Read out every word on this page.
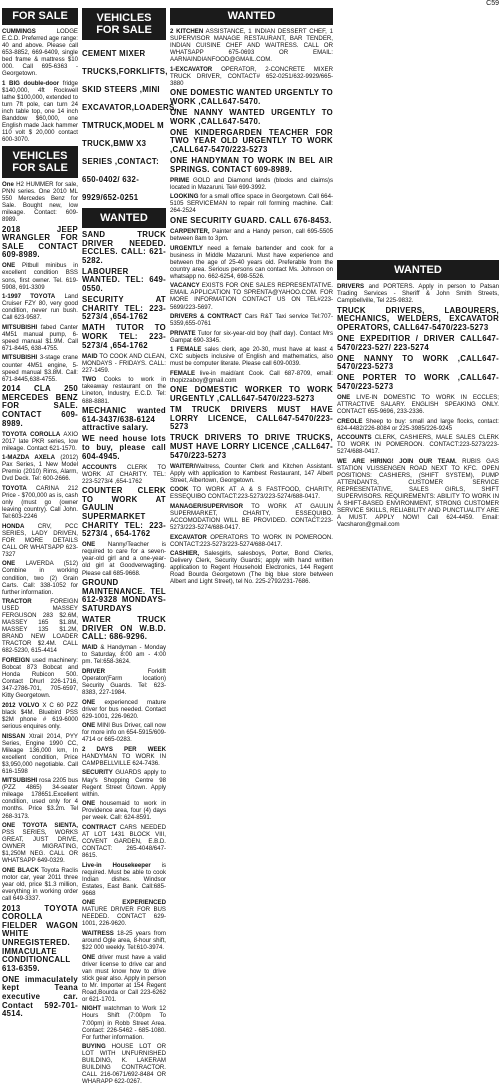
C59
FOR SALE

CUMMINGS LODGE E.C.D. Preferred age range: 40 and above. Please call 653-8852, 669-6409, single bed frame & mattress $10 000. Call 695-6363 - Georgetown.

1 BIG double-door fridge $140,000, 4ft Rockwell lathe $100,000, extended to turn 7ft pole, can turn 24 inch table top, one 14 inch Banddow $60,000, one English made Jack hammer 110 volt $ 20,000 contact 600-3070.

VEHICLES FOR SALE

One H2 HUMMER for sale, PNN series. One 2010 ML 550 Mercedes Benz for Sale. Bought new, low mileage. Contact: 609-8989.

2018 JEEP WRANGLER FOR SALE CONTACT 609-8989.

ONE Pitbull minibus in excellent condition BSS sons, first owner. Tel. 619-5908, 691-3309

1-1997 TOYOTA Land Cruiser FZY 80, very good condition, never run bush. Call 623-9587.

MITSUBISHI fabed Canter 4M51 manual pump, 6-speed manual $1.9M. Call 671-8445, 638-4755.

MITSUBISHI 3-stage crane counter 4M51 engine, 5-speed manual $3.8M. Call: 671-8445,638-4755.

2014 CLA 250 MERCEDES BENZ FOR SALE. CONTACT 609-8989.

TOYOTA COROLLA AXIO 2017 late PKR series, low mileage. Contact 621-1570.

1-MAZDA AXELA (2012) Pax Series, 1 New Model Premio (2010) Rims, Alarm, Dvd Deck. Tel: 600-2666.

TOYOTA CARINA 212 Price - $700,000 as is, cash only (must go (owner leaving country). Call John. Tel:603-2246

HONDA CRV, PCC SERIES, LADY DRIVEN, FOR MORE DETAILS CALL OR WHATSAPP 623-7327

ONE LAVERDA (512) Combine in working condition, two (2) Grain Carts. Call: 338-1052 for further information.

TRACTOR FOREIGN USED MASSEY FERGUSON 283 $2.6M, MASSEY 165 $1.8M, MASSEY 135 $1.2M, BRAND NEW LOADER TRACTOR $2.4M. CALL 682-5230, 615-4414

FOREIGN used machinery: Bobcat 873 Bobcat and Honda Rubicon 500. Contact Dhurl 226-1716, 347-2786-701, 705-6597, Kitty Georgetown.

2012 VOLVO X C 60 PZZ black $4M. Bluebird PSS $2M phone # 619-6000 serious enquires only.

NISSAN Xtrail 2014, PYY Series, Engine 1990 CC, Mileage 136,000 km, In excellent condition, Price $3,950,000 negotiable. Call 616-1598

MITSUBISHI rosa 2205 bus (PZZ 4865) 34-seater mileage 178651.Excellent condition, used only for 4 months. Price $3.2m. Tel 268-3173.

ONE TOYOTA SIENTA, PSS SERIES, WORKS GREAT, JUST DRIVE, OWNER MIGRATING, $1,250M NEG. CALL OR WHATSAPP 649-0329.

ONE BLACK Toyota Raclis motor car, year 2011 three year old, price $1.3 million, everything in working order call 649-3337.

2013 TOYOTA COROLLA FIELDER WAGON WHITE UNREGISTERED. IMMACULATE CONDITIONCALL 613-6359.

ONE immaculately kept Teana executive car. Contact 592-701-4514.

VEHICLES FOR SALE
CEMENT MIXER TRUCKS,FORKLIFTS, SKID STEERS ,MINI EXCAVATOR,LOADERS, TMTRUCK,MODEL M TRUCK,BMW X3 SERIES ,CONTACT: 650-0402/ 632-9929/652-0251
WANTED

SAND TRUCK DRIVER NEEDED. ECCLES. CALL: 621-5282.

LABOURER WANTED. TEL: 649-0550.

SECURITY AT CHARITY TEL: 223-5273/4 ,654-1762

MATH TUTOR TO WORK TEL: 223-5273/4 ,654-1762

MAID TO COOK AND CLEAN, MONDAYS - FRIDAYS. CALL: 227-1459.

TWO Cooks to work in takeaway restaurant on the Lineton, Industry, E.C.D. Tel: 688-8881.

MECHANIC wanted 614-3437/638-6124 attractive salary.

WE need house lots to buy, please call 604-4945.

ACCOUNTS CLERK TO WORK AT CHARITY. TEL: 223-5273/4 ,654-1762

COUNTER CLERK TO WORK AT GAULIN SUPERMARKET CHARITY TEL: 223-5273/4 , 654-1762

ONE Nanny/Teacher is required to care for a seven-year-old girl and a one-year-old girl at Goodverwagting. Please call 685-9668.

GROUND MAINTENANCE. TEL 612-9328 MONDAYS-SATURDAYS

WATER TRUCK DRIVER ON W.B.D. CALL: 686-9296.

MAID & Handyman - Monday to Saturday, 8:00 am - 4:00 pm. Tel:658-3624.

DRIVER Forklift Operator(Farm location) Security Guards. Tel: 623-8383, 227-1984.

ONE experienced mature driver for bus needed. Contact 629-1001, 226-9620.

ONE MINI Bus Driver, call now for more info on 654-5915/609-4714 or 665-0283.

2 DAYS PER WEEK HANDYMAN TO WORK IN CAMPBELLVILLE 624-7436.

SECURITY GUARDS apply to May's Shopping Centre 98 Regent Street G/town. Apply within.

ONE housemaid to work in Providence area, four (4) days per week. Call: 624-8591.

CONTRACT CARS NEEDED AT LOT 1431 BLOCK VIII, COVENT GARDEN, E.B.D. CONTACT: 265-4048/647-8615.

Live-in Housekeeper is required. Must be able to cook Indian dishes. Windsor Estates, East Bank. Call:685-9668

ONE EXPERIENCED MATURE DRIVER FOR BUS NEEDED. CONTACT 629-1001, 226-9620.

WAITRESS 18-25 years from around Ogle area, 8-hour shift, $22 000 weekly. Tel:610-3974.

ONE driver must have a valid driver license to drive car and van must know how to drive stick gear also. Apply in person to Mr. Importer at 154 Regent Road,Bourda or Call 223-6262 or 621-1701.

NIGHT watchman to Work 12 Hours Shift (7:00pm To 7:00pm) in Robb Street Area. Contact: 226-5462 - 685-1080. For further information.

BUYING HOUSE LOT OR LOT WITH UNFURNISHED BUILDING, K. LAKERAM BUILDING CONTRACTOR. CALL 216-0671/692-8484 OR WHARAPP 622-0267.

WANTED

2 KITCHEN ASSISTANCE, 1 INDIAN DESSERT CHEF, 1 SUPERVISOR MANAGE RESTAURANT, BAR TENDER, INDIAN CUISINE CHEF AND WAITRESS. CALL OR WHATSAPP 675-0693 OR EMAIL: AARNAINDIANFOOD@GMAIL.COM.

1-EXCAVATOR OPERATOR, 2-CONCRETE MIXER TRUCK DRIVER, CONTACT# 652-0251/632-9929/665-3880

ONE DOMESTIC WANTED URGENTLY TO WORK ,CALL647-5470.

ONE NANNY WANTED URGENTLY TO WORK ,CALL647-5470.

ONE KINDERGARDEN TEACHER FOR TWO YEAR OLD URGENTLY TO WORK ,CALL647-5470/223-5273

ONE HANDYMAN TO WORK IN BEL AIR SPRINGS. CONTACT 609-8989.

PRIME GOLD and Diamond lands (blocks and claims)s located in Mazaruni. Tel# 699-3992.

LOOKING for a small office space in Georgetown. Call 664-5105 SERVICEMAN to repair roll forming machine. Call: 264-2524

ONE SECURITY GUARD. CALL 676-8453.

CARPENTER, Painter and a Handy person, call 695-5505 between 8am to 3pm.

URGENTLY need a female bartender and cook for a business in Middle Mazaruni. Must have experience and between the age of 25-40 years old. Preferable from the country area. Serious persons can contact Ms. Johnson on whatsapp no. 662-6254, 698-5526.

VACANCY EXISTS FOR ONE SALES REPRESENTATIVE. EMAIL APPLICATION TO SPRENTA@YAHOO.COM. FOR MORE INFORMATION CONTACT US ON TEL#223-5699/223-5697.

DRIVERS & CONTRACT Cars R&T Taxi service Tel:707-5359,655-0761

PRIVATE Tutor for six-year-old boy (half day). Contact Mrs Gampat 690-3345.

1 FEMALE sales clerk, age 20-30, must have at least 4 CXC subjects inclusive of English and mathematics, also must be computer literate. Please call 609-0039.

FEMALE live-in maid/ant Cook. Call 687-8709, email: thopizzaboy@gmail.com

ONE DOMESTIC WORKER TO WORK URGENTLY ,CALL647-5470/223-5273

TM TRUCK DRIVERS MUST HAVE LORRY LICENCE, CALL647-5470/223-5273

TRUCK DRIVERS TO DRIVE TRUCKS, MUST HAVE LORRY LICENCE ,CALL647-5470/223-5273

WAITER/Waitress, Counter Clerk and Kitchen Assistant. Apply with application to Kambest Restaurant, 147 Albert Street, Albertown, Georgetown.

COOK TO WORK AT A & S FASTFOOD, CHARITY, ESSEQUIBO CONTACT:223-5273/223-5274/688-0417.

MANAGER/SUPERVISOR TO WORK AT GAULIN SUPERMARKET, CHARITY, ESSEQUIBO. ACCOMODATION WILL BE PROVIDED. CONTACT:223-5273/223-5274/688-0417.

EXCAVATOR OPERATORS TO WORK IN POMEROON. CONTACT:223-5273/223-5274/688-0417.

CASHIER, Salesgirls, salesboys, Porter, Bond Clerks, Delivery Clerk, Security Guards; apply with hand written application to Regent Household Electronics, 144 Regent Road Bourda Georgetown (The big blue store between Albert and Light Street), tel No. 225-2792/231-7686.

WANTED

DRIVERS and PORTERS. Apply in person to Patsan Trading Services - Sheriff & John Smith Streets, Campbellville, Tel 225-9832.

TRUCK DRIVERS, LABOURERS, MECHANICS, WELDERS, EXCAVATOR OPERATORS, CALL647-5470/223-5273

ONE EXPEDITIOR / DRIVER CALL647-5470/223-527/ 223-5274

ONE NANNY TO WORK ,CALL647-5470/223-5273

ONE PORTER TO WORK ,CALL647-5470/223-5273

ONE LIVE-IN DOMESTIC TO WORK IN ECCLES; ATTRACTIVE SALARY. ENGLISH SPEAKING ONLY. CONTACT 655-9696, 233-2336.

CREOLE Sheep to buy: small and large flocks, contact: 624-4482/226-8084 or 225-3985/226-9245

ACCOUNTS CLERK, CASHIERS, MALE SALES CLERK TO WORK IN POMEROON. CONTACT:223-5273/223-5274/688-0417.

WE ARE HIRING! JOIN OUR TEAM. RUBIS GAS STATION VLISSENGEN ROAD NEXT TO KFC. OPEN POSITIONS: CASHIERS, (SHIFT SYSTEM), PUMP ATTENDANTS, CUSTOMER SERVICE REPRESENTATIVE, SALES GIRLS, SHIFT SUPERVISORS. REQUIREMENTS: ABILITY TO WORK IN A SHIFT-BASED ENVIRONMENT, STRONG CUSTOMER SERVICE SKILLS, RELIABILITY AND PUNCTUALITY ARE A MUST. APPLY NOW! Call 624-4459. Email: Vacsharon@gmail.com
